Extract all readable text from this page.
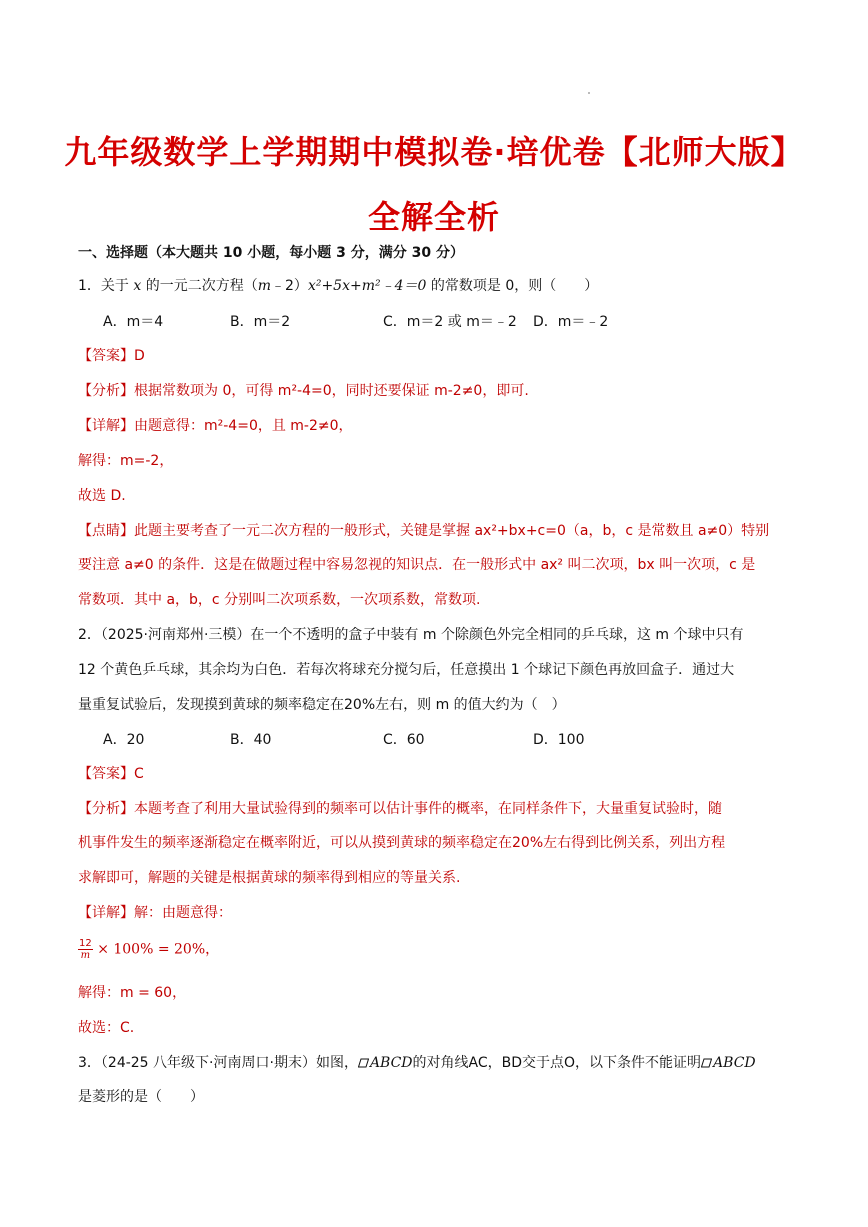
九年级数学上学期期中模拟卷·培优卷【北师大版】
全解全析
一、选择题（本大题共 10 小题，每小题 3 分，满分 30 分）
1．关于 x 的一元二次方程（m﹣2）x²+5x+m²﹣4＝0 的常数项是 0，则（　　）
A．m＝4	B．m＝2	C．m＝2 或 m＝﹣2 D．m＝﹣2
【答案】D
【分析】根据常数项为 0，可得 m²-4=0，同时还要保证 m-2≠0，即可.
【详解】由题意得：m²-4=0，且 m-2≠0，
解得：m=-2，
故选 D.
【点睛】此题主要考查了一元二次方程的一般形式，关键是掌握 ax²+bx+c=0（a，b，c 是常数且 a≠0）特别
要注意 a≠0 的条件．这是在做题过程中容易忽视的知识点．在一般形式中 ax² 叫二次项，bx 叫一次项，c 是
常数项．其中 a，b，c 分别叫二次项系数，一次项系数，常数项.
2．（2025·河南郑州·三模）在一个不透明的盒子中装有 m 个除颜色外完全相同的乒乓球，这 m 个球中只有
12 个黄色乒乓球，其余均为白色．若每次将球充分搅匀后，任意摸出 1 个球记下颜色再放回盒子．通过大
量重复试验后，发现摸到黄球的频率稳定在20%左右，则 m 的值大约为（　）
A．20	B．40	C．60	D．100
【答案】C
【分析】本题考查了利用大量试验得到的频率可以估计事件的概率，在同样条件下，大量重复试验时，随
机事件发生的频率逐渐稳定在概率附近，可以从摸到黄球的频率稳定在20%左右得到比例关系，列出方程
求解即可，解题的关键是根据黄球的频率得到相应的等量关系.
【详解】解：由题意得：
$\frac{12}{m} \times 100\% = 20\%$，
解得：m = 60，
故选：C.
3．（24-25 八年级下·河南周口·期末）如图， ABCD的对角线AC，BD交于点O，以下条件不能证明 ABCD
是菱形的是（　　）
